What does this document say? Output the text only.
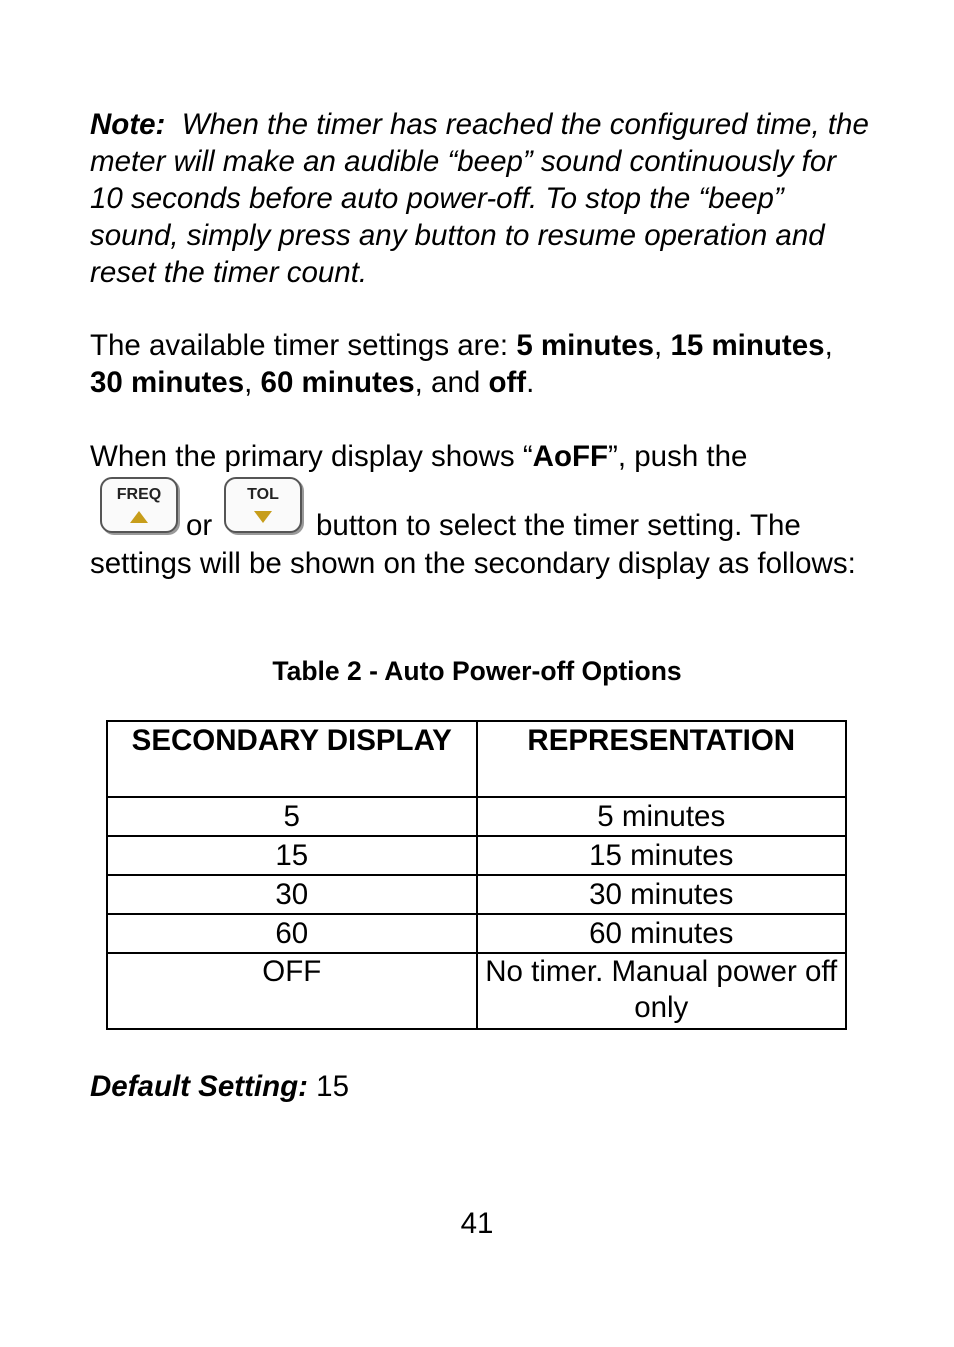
Note: When the timer has reached the configured time, the meter will make an audible “beep” sound continuously for 10 seconds before auto power-off. To stop the “beep” sound, simply press any button to resume operation and reset the timer count.
The available timer settings are: 5 minutes, 15 minutes, 30 minutes, 60 minutes, and off.
When the primary display shows “AoFF”, push the
FREQ
or
TOL
button to select the timer setting. The
settings will be shown on the secondary display as follows:
Table 2 - Auto Power-off Options
SECONDARY DISPLAY	REPRESENTATION
5	5 minutes
15	15 minutes
30	30 minutes
60	60 minutes
OFF	No timer. Manual power off only
Default Setting: 15
41
